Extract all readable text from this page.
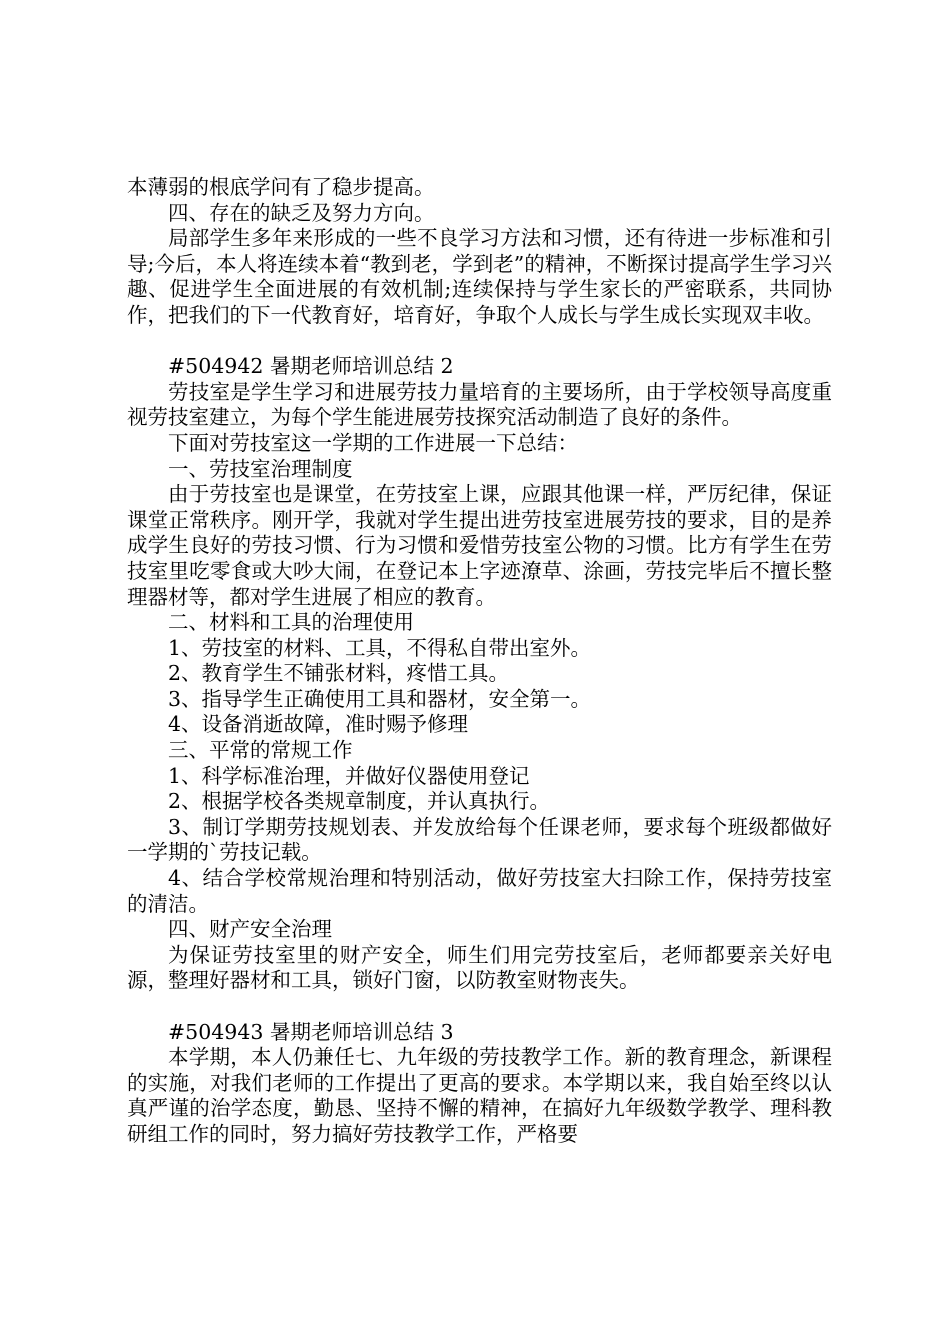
本薄弱的根底学问有了稳步提高。

四、存在的缺乏及努力方向。

局部学生多年来形成的一些不良学习方法和习惯，还有待进一步标准和引导;今后，本人将连续本着“教到老，学到老”的精神，不断探讨提高学生学习兴趣、促进学生全面进展的有效机制;连续保持与学生家长的严密联系，共同协作，把我们的下一代教育好，培育好，争取个人成长与学生成长实现双丰收。

#504942 暑期老师培训总结 2

劳技室是学生学习和进展劳技力量培育的主要场所，由于学校领导高度重视劳技室建立，为每个学生能进展劳技探究活动制造了良好的条件。

下面对劳技室这一学期的工作进展一下总结：

一、劳技室治理制度

由于劳技室也是课堂，在劳技室上课，应跟其他课一样，严厉纪律，保证课堂正常秩序。刚开学，我就对学生提出进劳技室进展劳技的要求，目的是养成学生良好的劳技习惯、行为习惯和爱惜劳技室公物的习惯。比方有学生在劳技室里吃零食或大吵大闹，在登记本上字迹潦草、涂画，劳技完毕后不擅长整理器材等，都对学生进展了相应的教育。

二、材料和工具的治理使用

1、劳技室的材料、工具，不得私自带出室外。

2、教育学生不铺张材料，疼惜工具。

3、指导学生正确使用工具和器材，安全第一。

4、设备消逝故障，准时赐予修理

三、平常的常规工作

1、科学标准治理，并做好仪器使用登记

2、根据学校各类规章制度，并认真执行。

3、制订学期劳技规划表、并发放给每个任课老师，要求每个班级都做好一学期的`劳技记载。

4、结合学校常规治理和特别活动，做好劳技室大扫除工作，保持劳技室的清洁。

四、财产安全治理

为保证劳技室里的财产安全，师生们用完劳技室后，老师都要亲关好电源，整理好器材和工具，锁好门窗，以防教室财物丧失。

#504943 暑期老师培训总结 3

本学期，本人仍兼任七、九年级的劳技教学工作。新的教育理念，新课程的实施，对我们老师的工作提出了更高的要求。本学期以来，我自始至终以认真严谨的治学态度，勤恳、坚持不懈的精神，在搞好九年级数学教学、理科教研组工作的同时，努力搞好劳技教学工作，严格要
